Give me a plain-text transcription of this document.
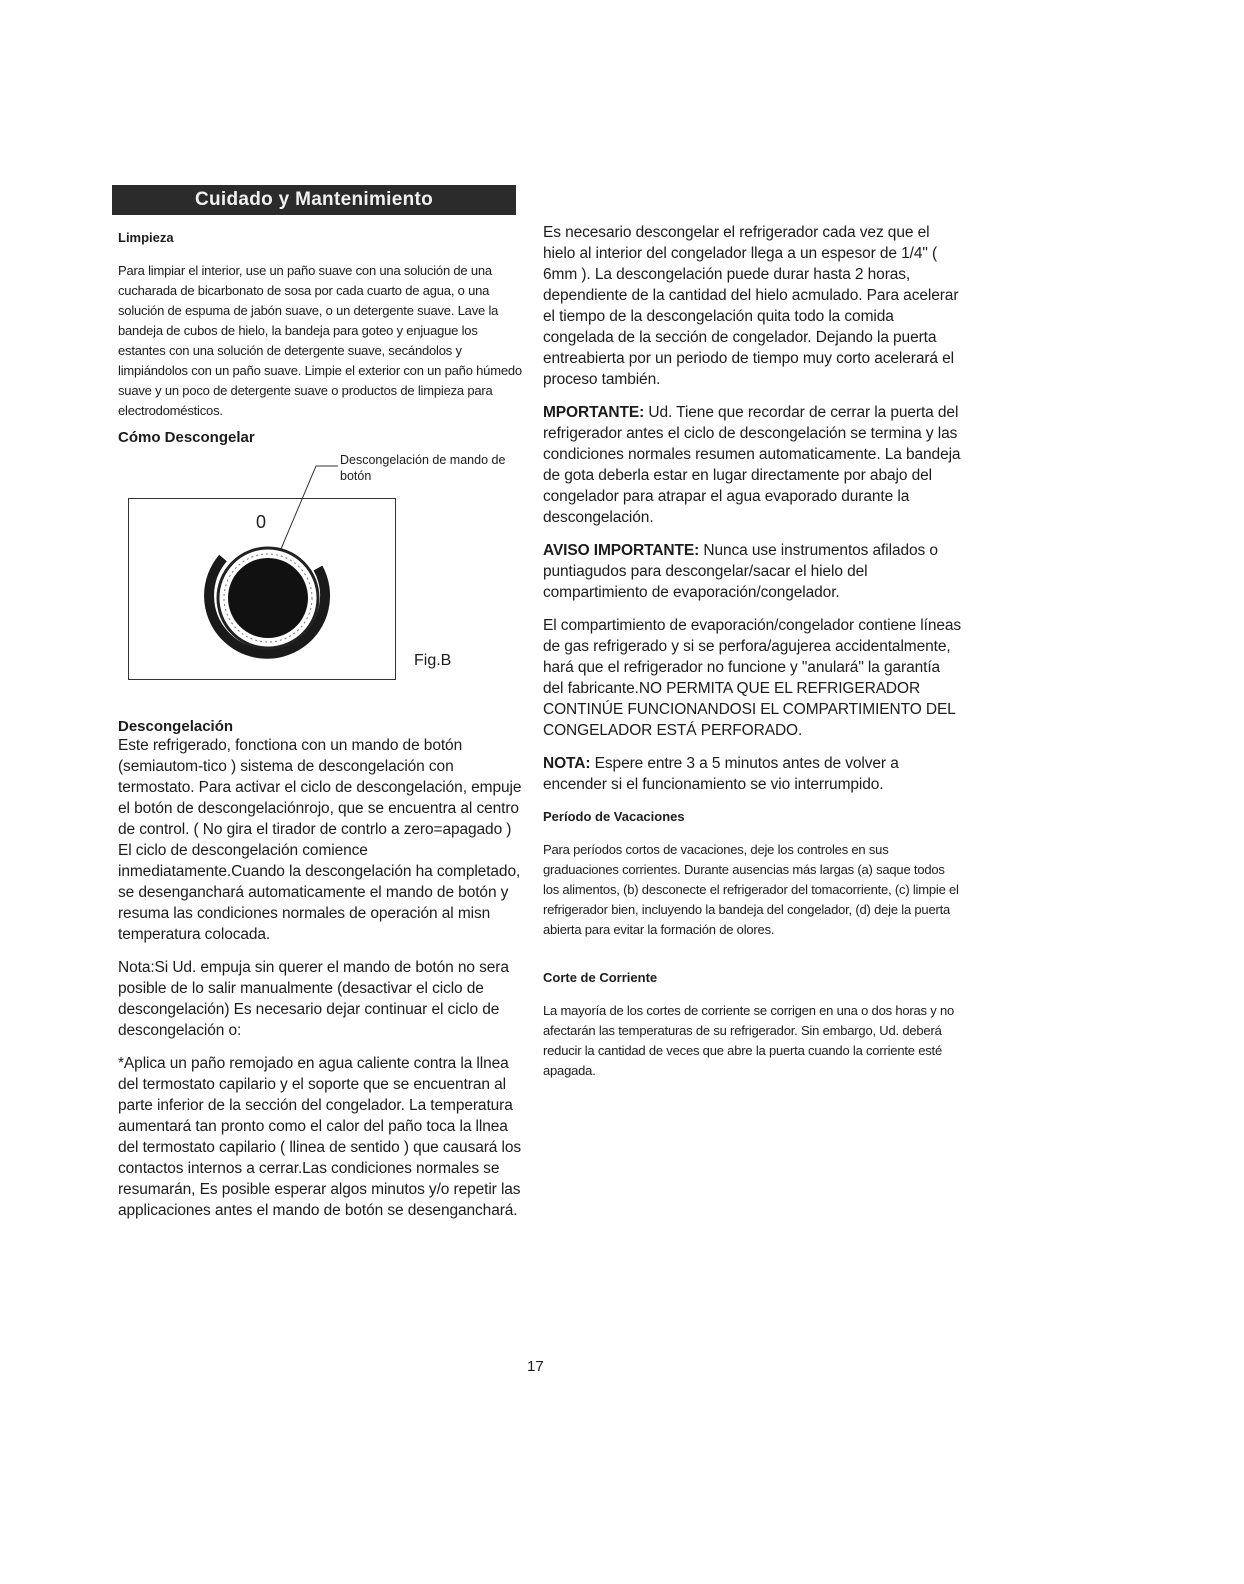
Cuidado y Mantenimiento

Limpieza

Para limpiar el interior, use un paño suave con una solución de una cucharada de bicarbonato de sosa por cada cuarto de agua, o una solución de espuma de jabón suave, o un detergente suave. Lave la bandeja de cubos de hielo, la bandeja para goteo y enjuague los estantes con una solución de detergente suave, secándolos y limpiándolos con un paño suave. Limpie el exterior con un paño húmedo suave y un poco de detergente suave o productos de limpieza para electrodomésticos.

Cómo Descongelar

Descongelación de mando de botón
0
Fig.B

Descongelación

Este refrigerado, fonctiona con un mando de botón (semiautom-tico ) sistema de descongelación con termostato. Para activar el ciclo de descongelación, empuje el botón de descongelaciónrojo, que se encuentra al centro de control. ( No gira el tirador de contrlo a zero=apagado ) El ciclo de descongelación comience inmediatamente.Cuando la descongelación ha completado, se desenganchará automaticamente el mando de botón y resuma las condiciones normales de operación al misn temperatura colocada.

Nota:Si Ud. empuja sin querer el mando de botón no sera posible de lo salir manualmente (desactivar el ciclo de descongelación) Es necesario dejar continuar el ciclo de descongelación o:

*Aplica un paño remojado en agua caliente contra la llnea del termostato capilario y el soporte que se encuentran al parte inferior de la sección del congelador. La temperatura aumentará tan pronto como el calor del paño toca la llnea del termostato capilario ( llinea de sentido ) que causará los contactos internos a cerrar.Las condiciones normales se resumarán, Es posible esperar algos minutos y/o repetir las applicaciones antes el mando de botón se desenganchará.

Es necesario descongelar el refrigerador cada vez que el hielo al interior del congelador llega a un espesor de 1/4" ( 6mm ). La descongelación puede durar hasta 2 horas, dependiente de la cantidad del hielo acmulado. Para acelerar el tiempo de la descongelación quita todo la comida congelada de la sección de congelador. Dejando la puerta entreabierta por un periodo de tiempo muy corto acelerará el proceso también.

MPORTANTE: Ud. Tiene que recordar de cerrar la puerta del refrigerador antes el ciclo de descongelación se termina y las condiciones normales resumen automaticamente. La bandeja de gota deberla estar en lugar directamente por abajo del congelador para atrapar el agua evaporado durante la descongelación.

AVISO IMPORTANTE: Nunca use instrumentos afilados o puntiagudos para descongelar/sacar el hielo del compartimiento de evaporación/congelador.

El compartimiento de evaporación/congelador contiene líneas de gas refrigerado y si se perfora/agujerea accidentalmente, hará que el refrigerador no funcione y "anulará" la garantía del fabricante.NO PERMITA QUE EL REFRIGERADOR CONTINÚE FUNCIONANDOSI EL COMPARTIMIENTO DEL CONGELADOR ESTÁ PERFORADO.

NOTA: Espere entre 3 a 5 minutos antes de volver a encender si el funcionamiento se vio interrumpido.

Período de Vacaciones

Para períodos cortos de vacaciones, deje los controles en sus graduaciones corrientes. Durante ausencias más largas (a) saque todos los alimentos, (b) desconecte el refrigerador del tomacorriente, (c) limpie el refrigerador bien, incluyendo la bandeja del congelador, (d) deje la puerta abierta para evitar la formación de olores.

Corte de Corriente

La mayoría de los cortes de corriente se corrigen en una o dos horas y no afectarán las temperaturas de su refrigerador. Sin embargo, Ud. deberá reducir la cantidad de veces que abre la puerta cuando la corriente esté apagada.

17
